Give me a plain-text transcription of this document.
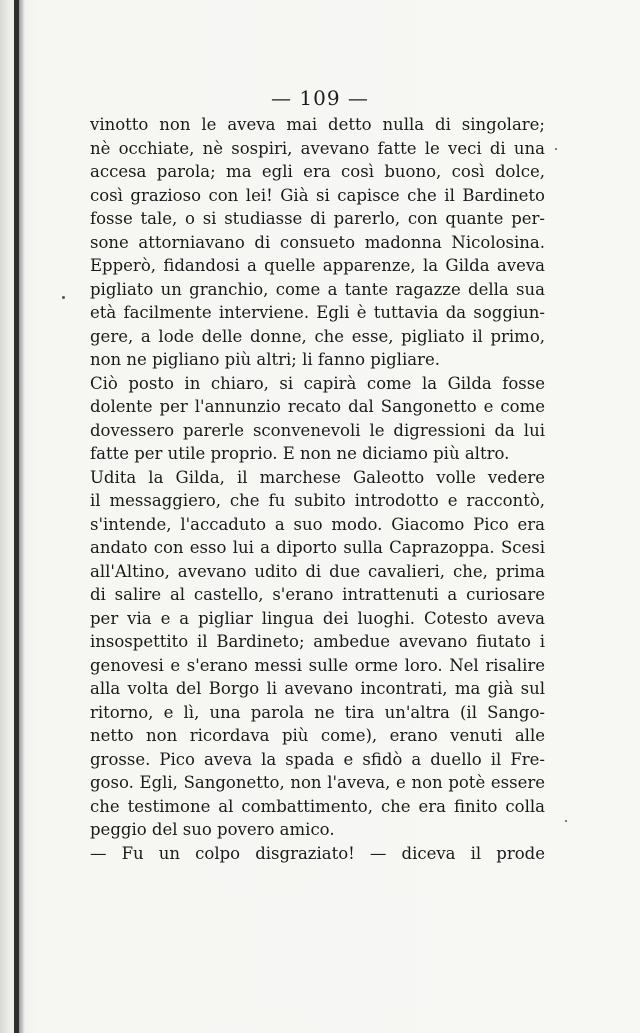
— 109 —
vinotto non le aveva mai detto nulla di singolare;
nè occhiate, nè sospiri, avevano fatte le veci di una
accesa parola; ma egli era così buono, così dolce,
così grazioso con lei! Già si capisce che il Bardineto
fosse tale, o si studiasse di parerlo, con quante per-
sone attorniavano di consueto madonna Nicolosina.
Epperò, fidandosi a quelle apparenze, la Gilda aveva
pigliato un granchio, come a tante ragazze della sua
età facilmente interviene. Egli è tuttavia da soggiun-
gere, a lode delle donne, che esse, pigliato il primo,
non ne pigliano più altri; li fanno pigliare.
Ciò posto in chiaro, si capirà come la Gilda fosse
dolente per l'annunzio recato dal Sangonetto e come
dovessero parerle sconvenevoli le digressioni da lui
fatte per utile proprio. E non ne diciamo più altro.
Udita la Gilda, il marchese Galeotto volle vedere
il messaggiero, che fu subito introdotto e raccontò,
s'intende, l'accaduto a suo modo. Giacomo Pico era
andato con esso lui a diporto sulla Caprazoppa. Scesi
all'Altino, avevano udito di due cavalieri, che, prima
di salire al castello, s'erano intrattenuti a curiosare
per via e a pigliar lingua dei luoghi. Cotesto aveva
insospettito il Bardineto; ambedue avevano fiutato i
genovesi e s'erano messi sulle orme loro. Nel risalire
alla volta del Borgo li avevano incontrati, ma già sul
ritorno, e lì, una parola ne tira un'altra (il Sango-
netto non ricordava più come), erano venuti alle
grosse. Pico aveva la spada e sfidò a duello il Fre-
goso. Egli, Sangonetto, non l'aveva, e non potè essere
che testimone al combattimento, che era finito colla
peggio del suo povero amico.
— Fu un colpo disgraziato! — diceva il prode
